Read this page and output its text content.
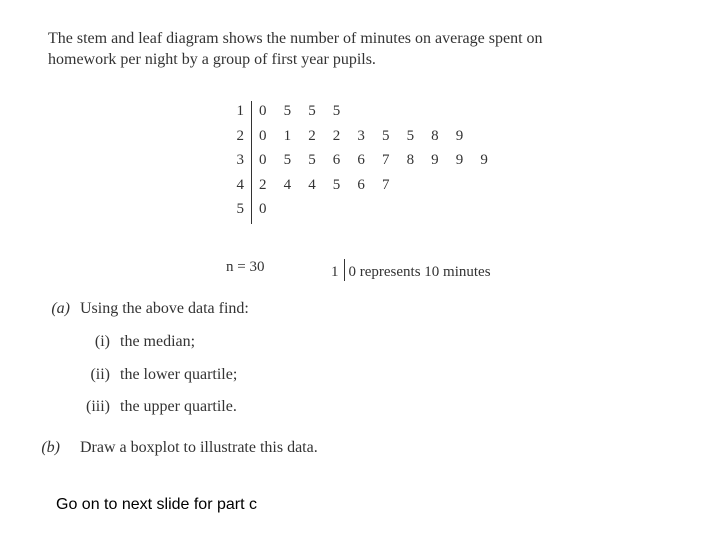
The stem and leaf diagram shows the number of minutes on average spent on
homework per night by a group of first year pupils.
1 0 5 5 5
2 0 1 2 2 3 5 5 8 9
3 0 5 5 6 6 7 8 9 9 9
4 2 4 4 5 6 7
5 0
n = 30	1 0 represents 10 minutes
(a) Using the above data find:
(i) the median;
(ii) the lower quartile;
(iii) the upper quartile.
(b) Draw a boxplot to illustrate this data.
Go on to next slide for part c
